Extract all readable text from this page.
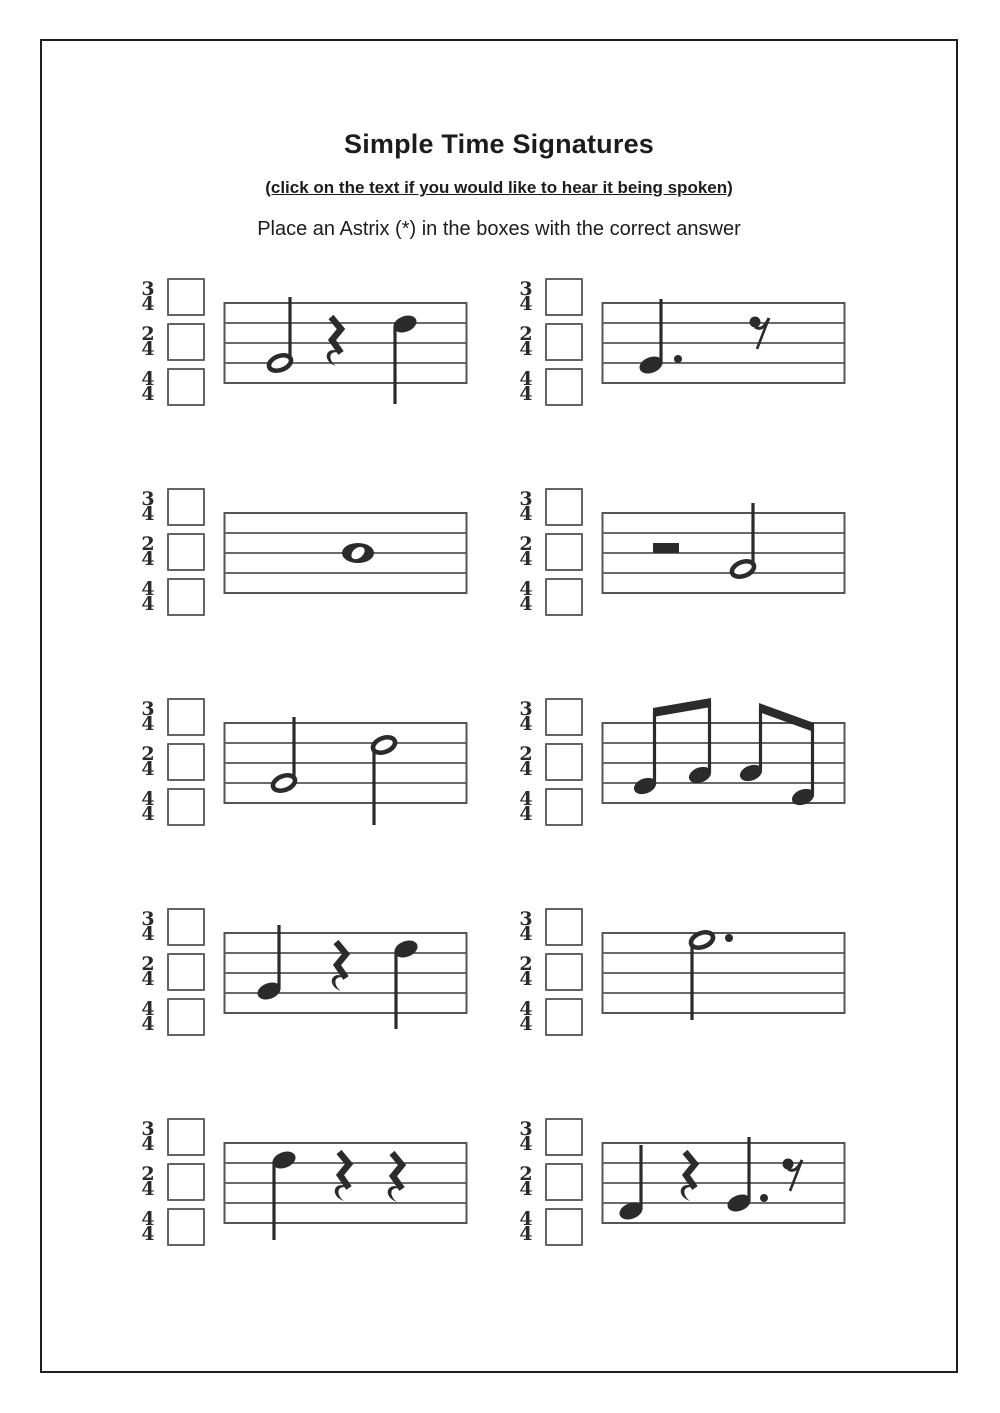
Simple Time Signatures
(click on the text if you would like to hear it being spoken)
Place an Astrix (*) in the boxes with the correct answer
3
4
2
4
4
4
3
4
2
4
4
4
3
4
2
4
4
4
3
4
2
4
4
4
3
4
2
4
4
4
3
4
2
4
4
4
3
4
2
4
4
4
3
4
2
4
4
4
3
4
2
4
4
4
3
4
2
4
4
4
